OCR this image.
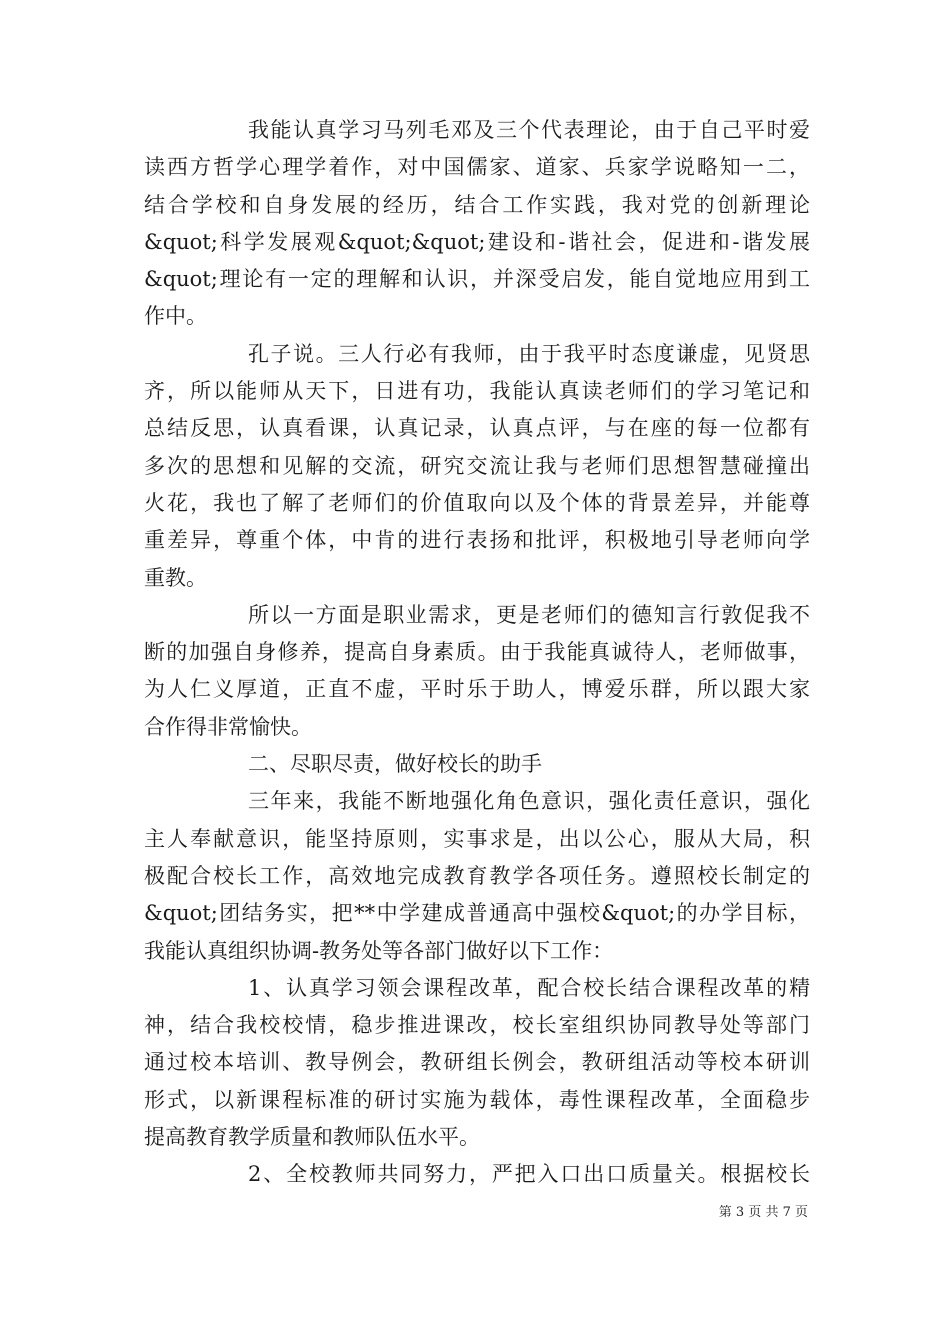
我能认真学习马列毛邓及三个代表理论，由于自己平时爱
读西方哲学心理学着作，对中国儒家、道家、兵家学说略知一二，
结合学校和自身发展的经历，结合工作实践，我对党的创新理论
&quot;科学发展观&quot;&quot;建设和-谐社会，促进和-谐发展
&quot;理论有一定的理解和认识，并深受启发，能自觉地应用到工
作中。
孔子说。三人行必有我师，由于我平时态度谦虚，见贤思
齐，所以能师从天下，日进有功，我能认真读老师们的学习笔记和
总结反思，认真看课，认真记录，认真点评，与在座的每一位都有
多次的思想和见解的交流，研究交流让我与老师们思想智慧碰撞出
火花，我也了解了老师们的价值取向以及个体的背景差异，并能尊
重差异，尊重个体，中肯的进行表扬和批评，积极地引导老师向学
重教。
所以一方面是职业需求，更是老师们的德知言行敦促我不
断的加强自身修养，提高自身素质。由于我能真诚待人，老师做事，
为人仁义厚道，正直不虚，平时乐于助人，博爱乐群，所以跟大家
合作得非常愉快。
二、尽职尽责，做好校长的助手
三年来，我能不断地强化角色意识，强化责任意识，强化
主人奉献意识，能坚持原则，实事求是，出以公心，服从大局，积
极配合校长工作，高效地完成教育教学各项任务。遵照校长制定的
&quot;团结务实，把**中学建成普通高中强校&quot;的办学目标，
我能认真组织协调-教务处等各部门做好以下工作：
1、认真学习领会课程改革，配合校长结合课程改革的精
神，结合我校校情，稳步推进课改，校长室组织协同教导处等部门
通过校本培训、教导例会，教研组长例会，教研组活动等校本研训
形式，以新课程标准的研讨实施为载体，毒性课程改革，全面稳步
提高教育教学质量和教师队伍水平。
2、全校教师共同努力，严把入口出口质量关。根据校长
第 3 页 共 7 页
